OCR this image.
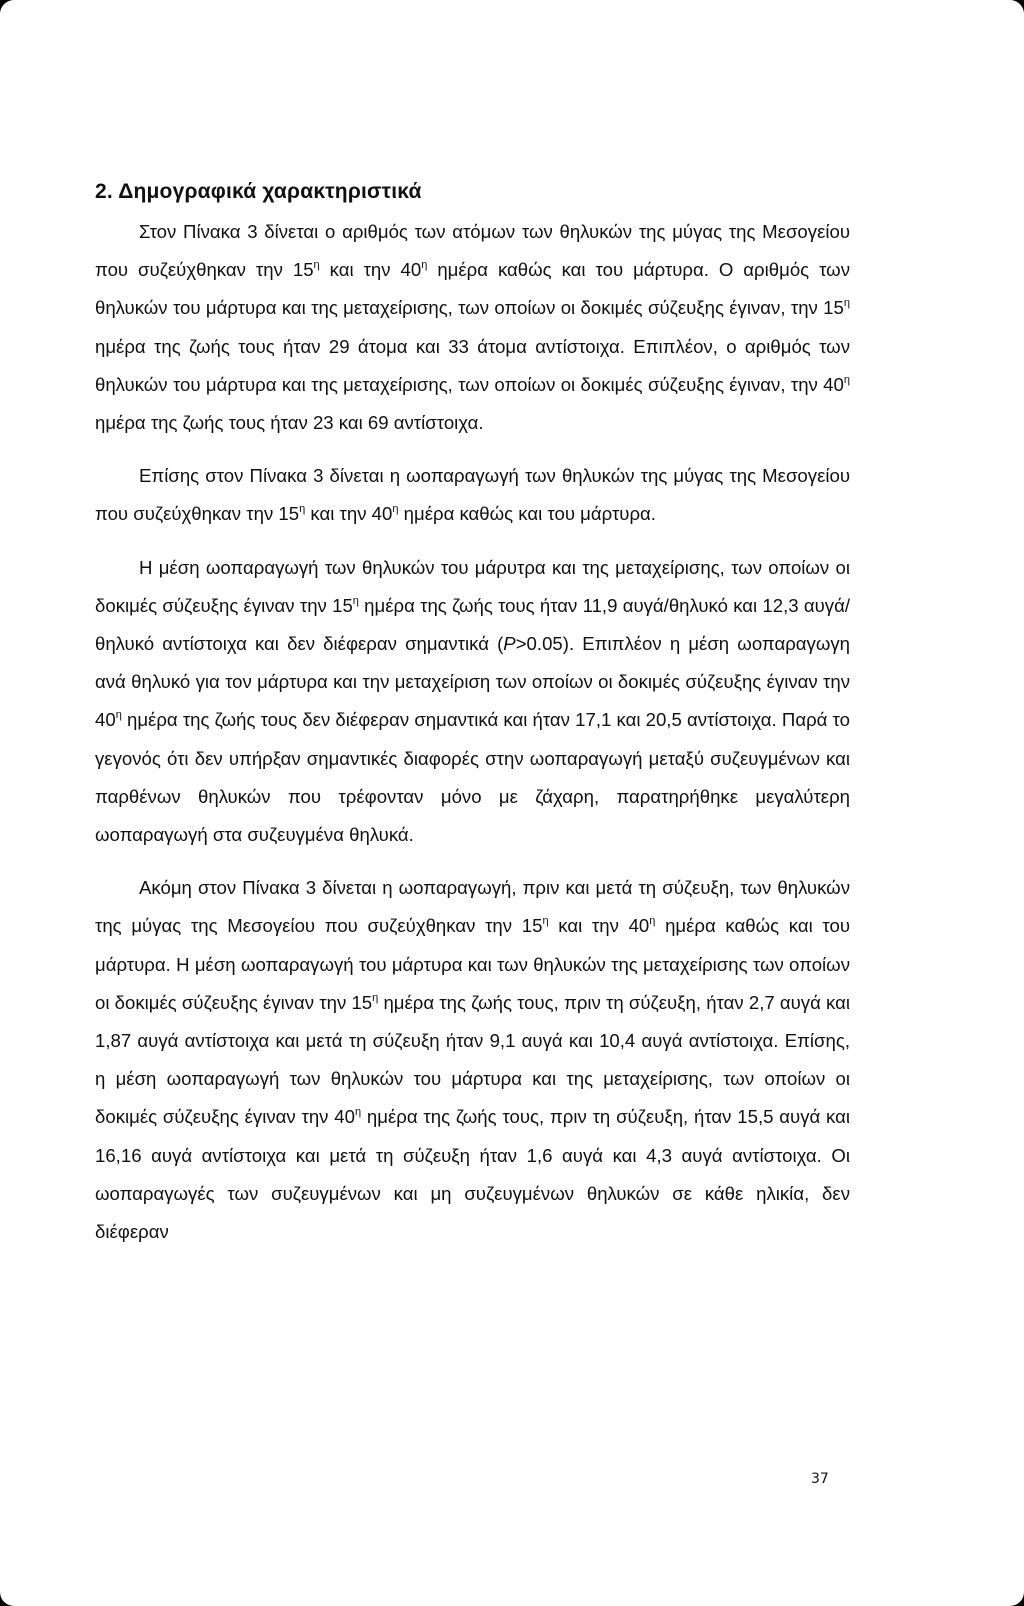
2. Δημογραφικά χαρακτηριστικά

Στον Πίνακα 3 δίνεται ο αριθμός των ατόμων των θηλυκών της μύγας της Μεσογείου που συζεύχθηκαν την $15^\eta$ και την $40^\eta$ ημέρα καθώς και του μάρτυρα. Ο αριθμός των θηλυκών του μάρτυρα και της μεταχείρισης, των οποίων οι δοκιμές σύζευξης έγιναν, την $15^\eta$ ημέρα της ζωής τους ήταν 29 άτομα και 33 άτομα αντίστοιχα. Επιπλέον, ο αριθμός των θηλυκών του μάρτυρα και της μεταχείρισης, των οποίων οι δοκιμές σύζευξης έγιναν, την $40^\eta$ ημέρα της ζωής τους ήταν 23 και 69 αντίστοιχα.

Επίσης στον Πίνακα 3 δίνεται η ωοπαραγωγή των θηλυκών της μύγας της Μεσογείου που συζεύχθηκαν την $15^\eta$ και την $40^\eta$ ημέρα καθώς και του μάρτυρα.

Η μέση ωοπαραγωγή των θηλυκών του μάρυτρα και της μεταχείρισης, των οποίων οι δοκιμές σύζευξης έγιναν την $15^\eta$ ημέρα της ζωής τους ήταν 11,9 αυγά/θηλυκό και 12,3 αυγά/θηλυκό αντίστοιχα και δεν διέφεραν σημαντικά (P>0.05). Επιπλέον η μέση ωοπαραγωγη ανά θηλυκό για τον μάρτυρα και την μεταχείριση των οποίων οι δοκιμές σύζευξης έγιναν την $40^\eta$ ημέρα της ζωής τους δεν διέφεραν σημαντικά και ήταν 17,1 και 20,5 αντίστοιχα. Παρά το γεγονός ότι δεν υπήρξαν σημαντικές διαφορές στην ωοπαραγωγή μεταξύ συζευγμένων και παρθένων θηλυκών που τρέφονταν μόνο με ζάχαρη, παρατηρήθηκε μεγαλύτερη ωοπαραγωγή στα συζευγμένα θηλυκά.

Ακόμη στον Πίνακα 3 δίνεται η ωοπαραγωγή, πριν και μετά τη σύζευξη, των θηλυκών της μύγας της Μεσογείου που συζεύχθηκαν την $15^\eta$ και την $40^\eta$ ημέρα καθώς και του μάρτυρα. Η μέση ωοπαραγωγή του μάρτυρα και των θηλυκών της μεταχείρισης των οποίων οι δοκιμές σύζευξης έγιναν την $15^\eta$ ημέρα της ζωής τους, πριν τη σύζευξη, ήταν 2,7 αυγά και 1,87 αυγά αντίστοιχα και μετά τη σύζευξη ήταν 9,1 αυγά και 10,4 αυγά αντίστοιχα. Επίσης, η μέση ωοπαραγωγή των θηλυκών του μάρτυρα και της μεταχείρισης, των οποίων οι δοκιμές σύζευξης έγιναν την $40^\eta$ ημέρα της ζωής τους, πριν τη σύζευξη, ήταν 15,5 αυγά και 16,16 αυγά αντίστοιχα και μετά τη σύζευξη ήταν 1,6 αυγά και 4,3 αυγά αντίστοιχα. Οι ωοπαραγωγές των συζευγμένων και μη συζευγμένων θηλυκών σε κάθε ηλικία, δεν διέφεραν

37
